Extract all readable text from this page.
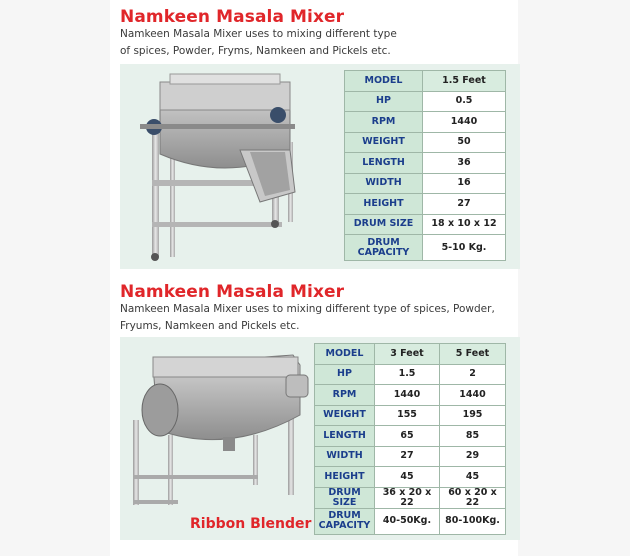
Namkeen Masala Mixer
Namkeen Masala Mixer uses to mixing different type
of spices, Powder, Fryms, Namkeen and Pickels etc.
MODEL	1.5 Feet
HP	0.5
RPM	1440
WEIGHT	50
LENGTH	36
WIDTH	16
HEIGHT	27
DRUM SIZE	18 x 10 x 12

DRUM
CAPACITY	5-10 Kg.
Namkeen Masala Mixer
Namkeen Masala Mixer uses to mixing different type of spices, Powder,
Fryums, Namkeen and Pickels etc.
Ribbon Blender
MODEL	3 Feet	5 Feet
HP	1.5	2
RPM	1440	1440
WEIGHT	155	195
LENGTH	65	85
WIDTH	27	29
HEIGHT	45	45
DRUM SIZE	36 x 20 x 22	60 x 20 x 22

DRUM
CAPACITY	40-50Kg.	80-100Kg.
